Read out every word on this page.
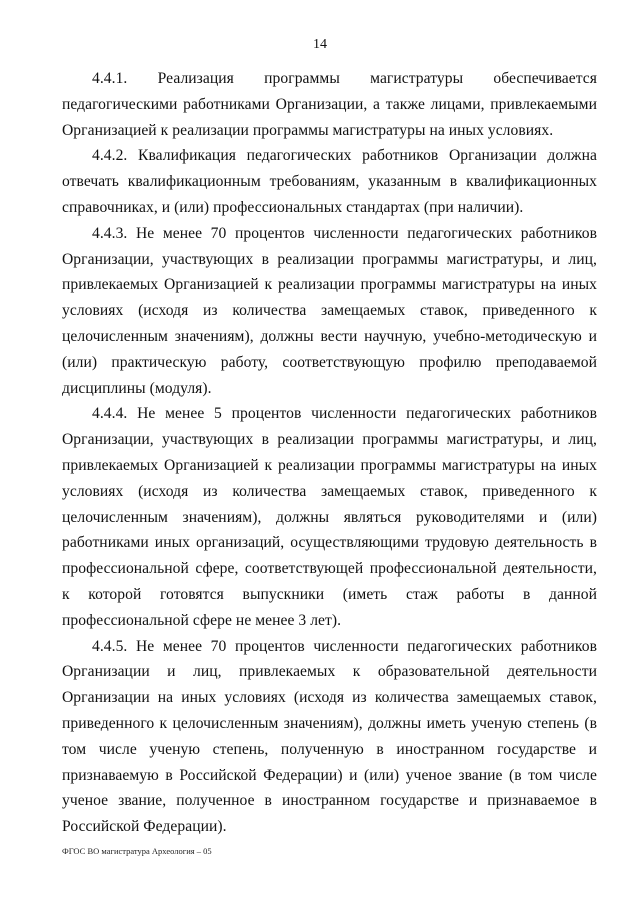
14

4.4.1. Реализация программы магистратуры обеспечивается педагогическими работниками Организации, а также лицами, привлекаемыми Организацией к реализации программы магистратуры на иных условиях.

4.4.2. Квалификация педагогических работников Организации должна отвечать квалификационным требованиям, указанным в квалификационных справочниках, и (или) профессиональных стандартах (при наличии).

4.4.3. Не менее 70 процентов численности педагогических работников Организации, участвующих в реализации программы магистратуры, и лиц, привлекаемых Организацией к реализации программы магистратуры на иных условиях (исходя из количества замещаемых ставок, приведенного к целочисленным значениям), должны вести научную, учебно-методическую и (или) практическую работу, соответствующую профилю преподаваемой дисциплины (модуля).

4.4.4. Не менее 5 процентов численности педагогических работников Организации, участвующих в реализации программы магистратуры, и лиц, привлекаемых Организацией к реализации программы магистратуры на иных условиях (исходя из количества замещаемых ставок, приведенного к целочисленным значениям), должны являться руководителями и (или) работниками иных организаций, осуществляющими трудовую деятельность в профессиональной сфере, соответствующей профессиональной деятельности, к которой готовятся выпускники (иметь стаж работы в данной профессиональной сфере не менее 3 лет).

4.4.5. Не менее 70 процентов численности педагогических работников Организации и лиц, привлекаемых к образовательной деятельности Организации на иных условиях (исходя из количества замещаемых ставок, приведенного к целочисленным значениям), должны иметь ученую степень (в том числе ученую степень, полученную в иностранном государстве и признаваемую в Российской Федерации) и (или) ученое звание (в том числе ученое звание, полученное в иностранном государстве и признаваемое в Российской Федерации).

ФГОС ВО магистратура Археология – 05
